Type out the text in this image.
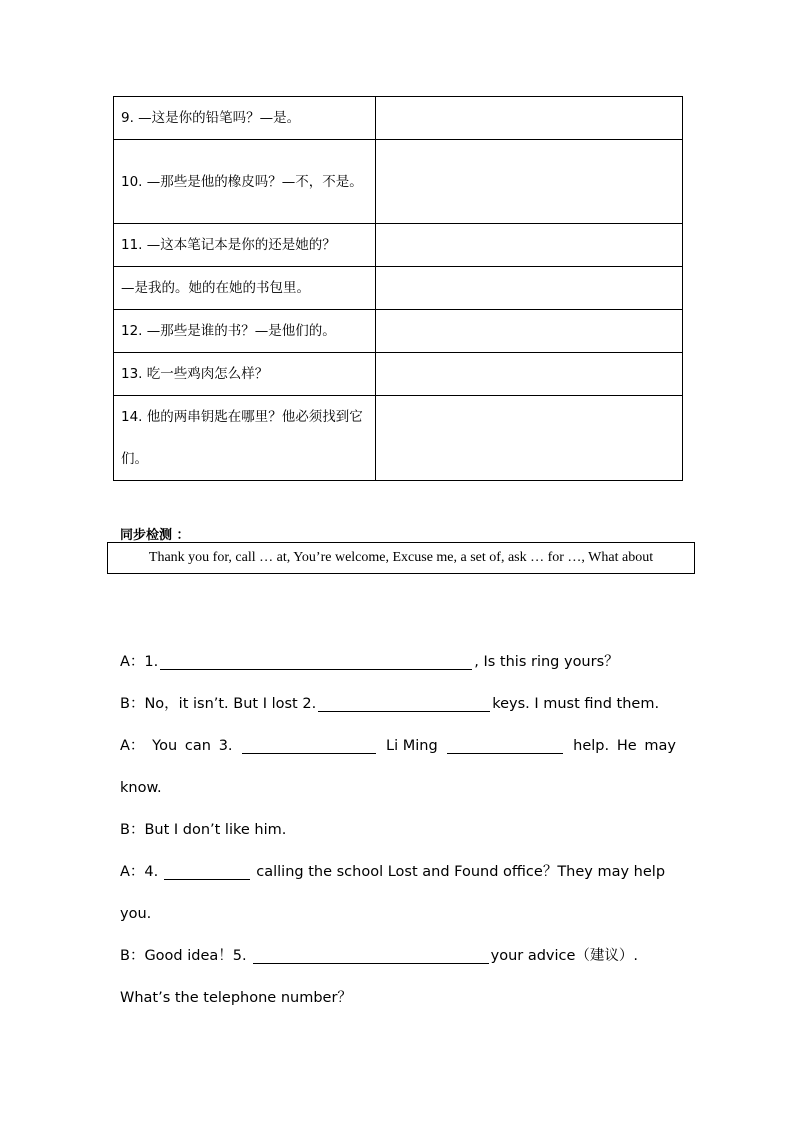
9. —这是你的铅笔吗？—是。	
10. —那些是他的橡皮吗？—不，不是。	
11. —这本笔记本是你的还是她的？	
—是我的。她的在她的书包里。	
12. —那些是谁的书？—是他们的。	
13. 吃一些鸡肉怎么样？	
14. 他的两串钥匙在哪里？他必须找到它们。	
同步检测 ：
Thank you for, call … at, You’re welcome, Excuse me, a set of, ask … for …, What about
A：1.	, Is this ring yours？
B：No，it isn’t. But I lost 2.	keys. I must find them.
A： You can 3.	Li Ming	help. He may
know.
B：But I don’t like him.
A：4.	calling the school Lost and Found office？They may help
you.
B：Good idea！5.	your advice（建议）.
What’s the telephone number？
